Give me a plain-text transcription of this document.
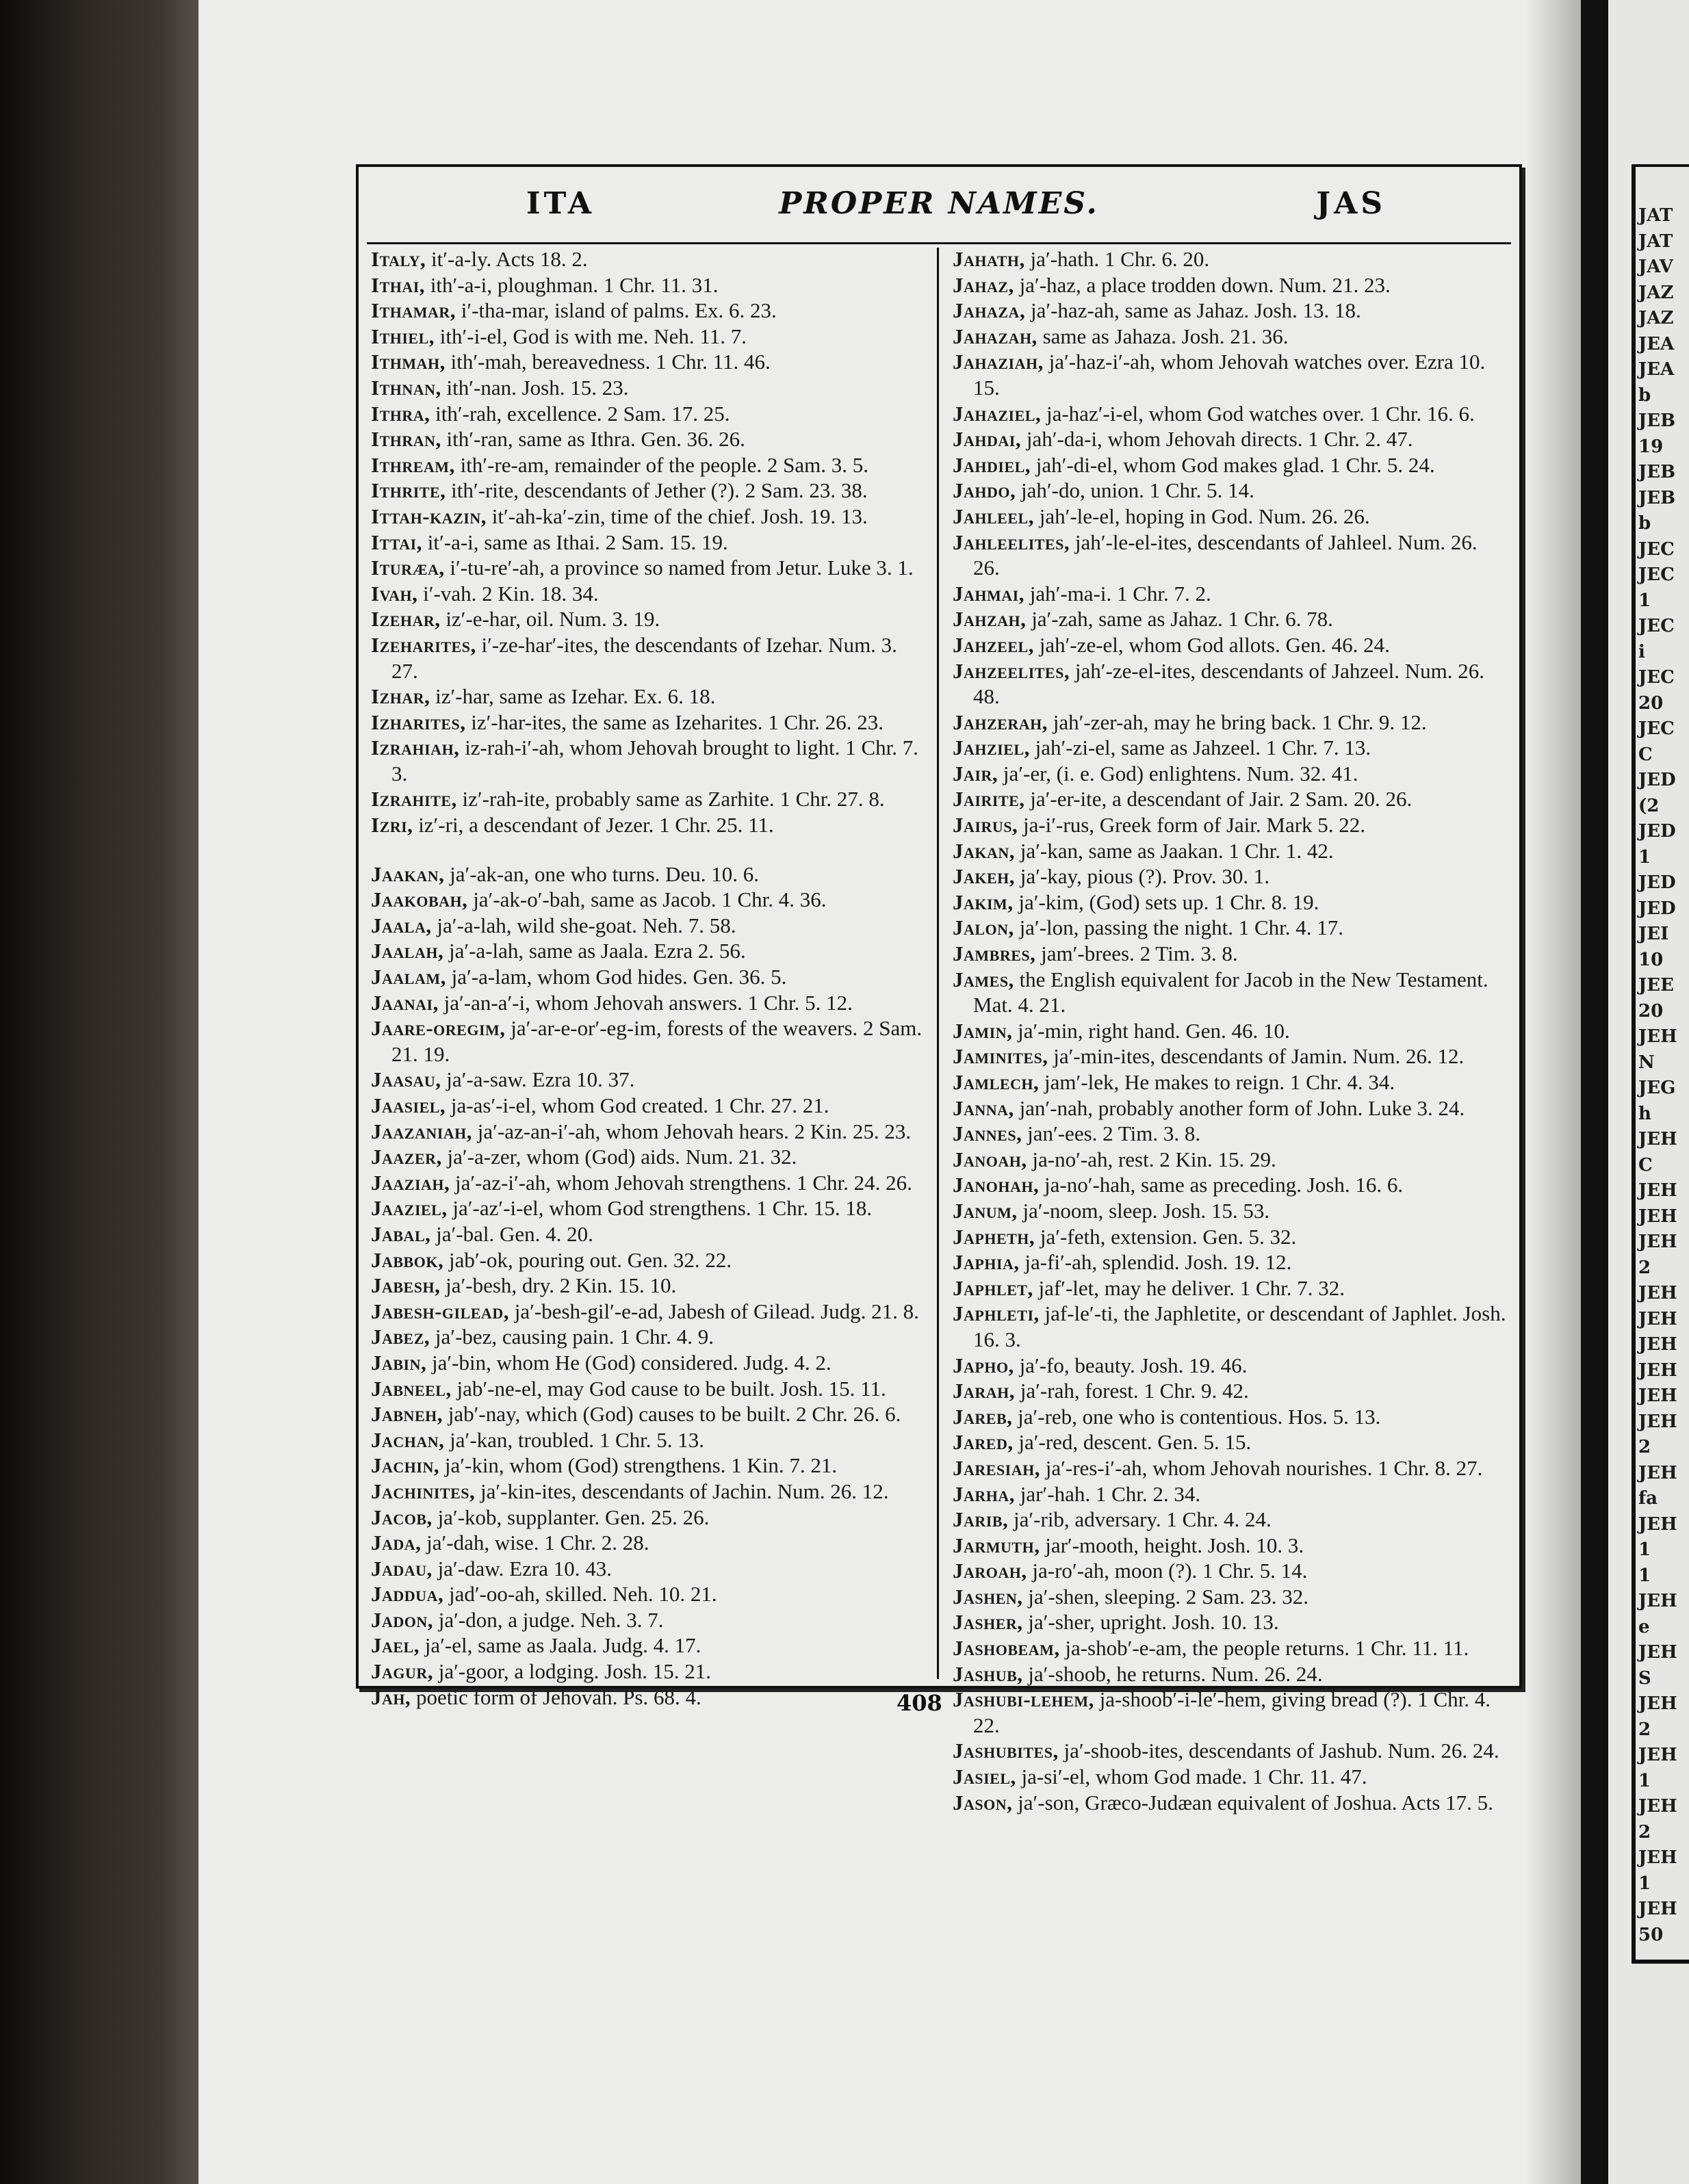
JAT
JAT
JAV
JAZ
JAZ
JEA
JEA
b
JEB
19
JEB
JEB
b
JEC
JEC
1
JEC
i
JEC
20
JEC
C
JED
(2
JED
1
JED
JED
JEI
10
JEE
20
JEH
N
JEG
h
JEH
C
JEH
JEH
JEH
2
JEH
JEH
JEH
JEH
JEH
JEH
2
JEH
fa
JEH
1
1
JEH
e
JEH
S
JEH
2
JEH
1
JEH
2
JEH
1
JEH
50
ITA	PROPER NAMES.	JAS

Italy, it′-a-ly. Acts 18. 2.

Ithai, ith′-a-i, ploughman. 1 Chr. 11. 31.

Ithamar, i′-tha-mar, island of palms. Ex. 6. 23.

Ithiel, ith′-i-el, God is with me. Neh. 11. 7.

Ithmah, ith′-mah, bereavedness. 1 Chr. 11. 46.

Ithnan, ith′-nan. Josh. 15. 23.

Ithra, ith′-rah, excellence. 2 Sam. 17. 25.

Ithran, ith′-ran, same as Ithra. Gen. 36. 26.

Ithream, ith′-re-am, remainder of the people. 2 Sam. 3. 5.

Ithrite, ith′-rite, descendants of Jether (?). 2 Sam. 23. 38.

Ittah-kazin, it′-ah-ka′-zin, time of the chief. Josh. 19. 13.

Ittai, it′-a-i, same as Ithai. 2 Sam. 15. 19.

Ituræa, i′-tu-re′-ah, a province so named from Jetur. Luke 3. 1.

Ivah, i′-vah. 2 Kin. 18. 34.

Izehar, iz′-e-har, oil. Num. 3. 19.

Izeharites, i′-ze-har′-ites, the descendants of Izehar. Num. 3. 27.

Izhar, iz′-har, same as Izehar. Ex. 6. 18.

Izharites, iz′-har-ites, the same as Izeharites. 1 Chr. 26. 23.

Izrahiah, iz-rah-i′-ah, whom Jehovah brought to light. 1 Chr. 7. 3.

Izrahite, iz′-rah-ite, probably same as Zarhite. 1 Chr. 27. 8.

Izri, iz′-ri, a descendant of Jezer. 1 Chr. 25. 11.

Jaakan, ja′-ak-an, one who turns. Deu. 10. 6.

Jaakobah, ja′-ak-o′-bah, same as Jacob. 1 Chr. 4. 36.

Jaala, ja′-a-lah, wild she-goat. Neh. 7. 58.

Jaalah, ja′-a-lah, same as Jaala. Ezra 2. 56.

Jaalam, ja′-a-lam, whom God hides. Gen. 36. 5.

Jaanai, ja′-an-a′-i, whom Jehovah answers. 1 Chr. 5. 12.

Jaare-oregim, ja′-ar-e-or′-eg-im, forests of the weavers. 2 Sam. 21. 19.

Jaasau, ja′-a-saw. Ezra 10. 37.

Jaasiel, ja-as′-i-el, whom God created. 1 Chr. 27. 21.

Jaazaniah, ja′-az-an-i′-ah, whom Jehovah hears. 2 Kin. 25. 23.

Jaazer, ja′-a-zer, whom (God) aids. Num. 21. 32.

Jaaziah, ja′-az-i′-ah, whom Jehovah strengthens. 1 Chr. 24. 26.

Jaaziel, ja′-az′-i-el, whom God strengthens. 1 Chr. 15. 18.

Jabal, ja′-bal. Gen. 4. 20.

Jabbok, jab′-ok, pouring out. Gen. 32. 22.

Jabesh, ja′-besh, dry. 2 Kin. 15. 10.

Jabesh-gilead, ja′-besh-gil′-e-ad, Jabesh of Gilead. Judg. 21. 8.

Jabez, ja′-bez, causing pain. 1 Chr. 4. 9.

Jabin, ja′-bin, whom He (God) considered. Judg. 4. 2.

Jabneel, jab′-ne-el, may God cause to be built. Josh. 15. 11.

Jabneh, jab′-nay, which (God) causes to be built. 2 Chr. 26. 6.

Jachan, ja′-kan, troubled. 1 Chr. 5. 13.

Jachin, ja′-kin, whom (God) strengthens. 1 Kin. 7. 21.

Jachinites, ja′-kin-ites, descendants of Jachin. Num. 26. 12.

Jacob, ja′-kob, supplanter. Gen. 25. 26.

Jada, ja′-dah, wise. 1 Chr. 2. 28.

Jadau, ja′-daw. Ezra 10. 43.

Jaddua, jad′-oo-ah, skilled. Neh. 10. 21.

Jadon, ja′-don, a judge. Neh. 3. 7.

Jael, ja′-el, same as Jaala. Judg. 4. 17.

Jagur, ja′-goor, a lodging. Josh. 15. 21.

Jah, poetic form of Jehovah. Ps. 68. 4.

Jahath, ja′-hath. 1 Chr. 6. 20.

Jahaz, ja′-haz, a place trodden down. Num. 21. 23.

Jahaza, ja′-haz-ah, same as Jahaz. Josh. 13. 18.

Jahazah, same as Jahaza. Josh. 21. 36.

Jahaziah, ja′-haz-i′-ah, whom Jehovah watches over. Ezra 10. 15.

Jahaziel, ja-haz′-i-el, whom God watches over. 1 Chr. 16. 6.

Jahdai, jah′-da-i, whom Jehovah directs. 1 Chr. 2. 47.

Jahdiel, jah′-di-el, whom God makes glad. 1 Chr. 5. 24.

Jahdo, jah′-do, union. 1 Chr. 5. 14.

Jahleel, jah′-le-el, hoping in God. Num. 26. 26.

Jahleelites, jah′-le-el-ites, descendants of Jahleel. Num. 26. 26.

Jahmai, jah′-ma-i. 1 Chr. 7. 2.

Jahzah, ja′-zah, same as Jahaz. 1 Chr. 6. 78.

Jahzeel, jah′-ze-el, whom God allots. Gen. 46. 24.

Jahzeelites, jah′-ze-el-ites, descendants of Jahzeel. Num. 26. 48.

Jahzerah, jah′-zer-ah, may he bring back. 1 Chr. 9. 12.

Jahziel, jah′-zi-el, same as Jahzeel. 1 Chr. 7. 13.

Jair, ja′-er, (i. e. God) enlightens. Num. 32. 41.

Jairite, ja′-er-ite, a descendant of Jair. 2 Sam. 20. 26.

Jairus, ja-i′-rus, Greek form of Jair. Mark 5. 22.

Jakan, ja′-kan, same as Jaakan. 1 Chr. 1. 42.

Jakeh, ja′-kay, pious (?). Prov. 30. 1.

Jakim, ja′-kim, (God) sets up. 1 Chr. 8. 19.

Jalon, ja′-lon, passing the night. 1 Chr. 4. 17.

Jambres, jam′-brees. 2 Tim. 3. 8.

James, the English equivalent for Jacob in the New Testament. Mat. 4. 21.

Jamin, ja′-min, right hand. Gen. 46. 10.

Jaminites, ja′-min-ites, descendants of Jamin. Num. 26. 12.

Jamlech, jam′-lek, He makes to reign. 1 Chr. 4. 34.

Janna, jan′-nah, probably another form of John. Luke 3. 24.

Jannes, jan′-ees. 2 Tim. 3. 8.

Janoah, ja-no′-ah, rest. 2 Kin. 15. 29.

Janohah, ja-no′-hah, same as preceding. Josh. 16. 6.

Janum, ja′-noom, sleep. Josh. 15. 53.

Japheth, ja′-feth, extension. Gen. 5. 32.

Japhia, ja-fi′-ah, splendid. Josh. 19. 12.

Japhlet, jaf′-let, may he deliver. 1 Chr. 7. 32.

Japhleti, jaf-le′-ti, the Japhletite, or descendant of Japhlet. Josh. 16. 3.

Japho, ja′-fo, beauty. Josh. 19. 46.

Jarah, ja′-rah, forest. 1 Chr. 9. 42.

Jareb, ja′-reb, one who is contentious. Hos. 5. 13.

Jared, ja′-red, descent. Gen. 5. 15.

Jaresiah, ja′-res-i′-ah, whom Jehovah nourishes. 1 Chr. 8. 27.

Jarha, jar′-hah. 1 Chr. 2. 34.

Jarib, ja′-rib, adversary. 1 Chr. 4. 24.

Jarmuth, jar′-mooth, height. Josh. 10. 3.

Jaroah, ja-ro′-ah, moon (?). 1 Chr. 5. 14.

Jashen, ja′-shen, sleeping. 2 Sam. 23. 32.

Jasher, ja′-sher, upright. Josh. 10. 13.

Jashobeam, ja-shob′-e-am, the people returns. 1 Chr. 11. 11.

Jashub, ja′-shoob, he returns. Num. 26. 24.

Jashubi-lehem, ja-shoob′-i-le′-hem, giving bread (?). 1 Chr. 4. 22.

Jashubites, ja′-shoob-ites, descendants of Jashub. Num. 26. 24.

Jasiel, ja-si′-el, whom God made. 1 Chr. 11. 47.

Jason, ja′-son, Græco-Judæan equivalent of Joshua. Acts 17. 5.

408
